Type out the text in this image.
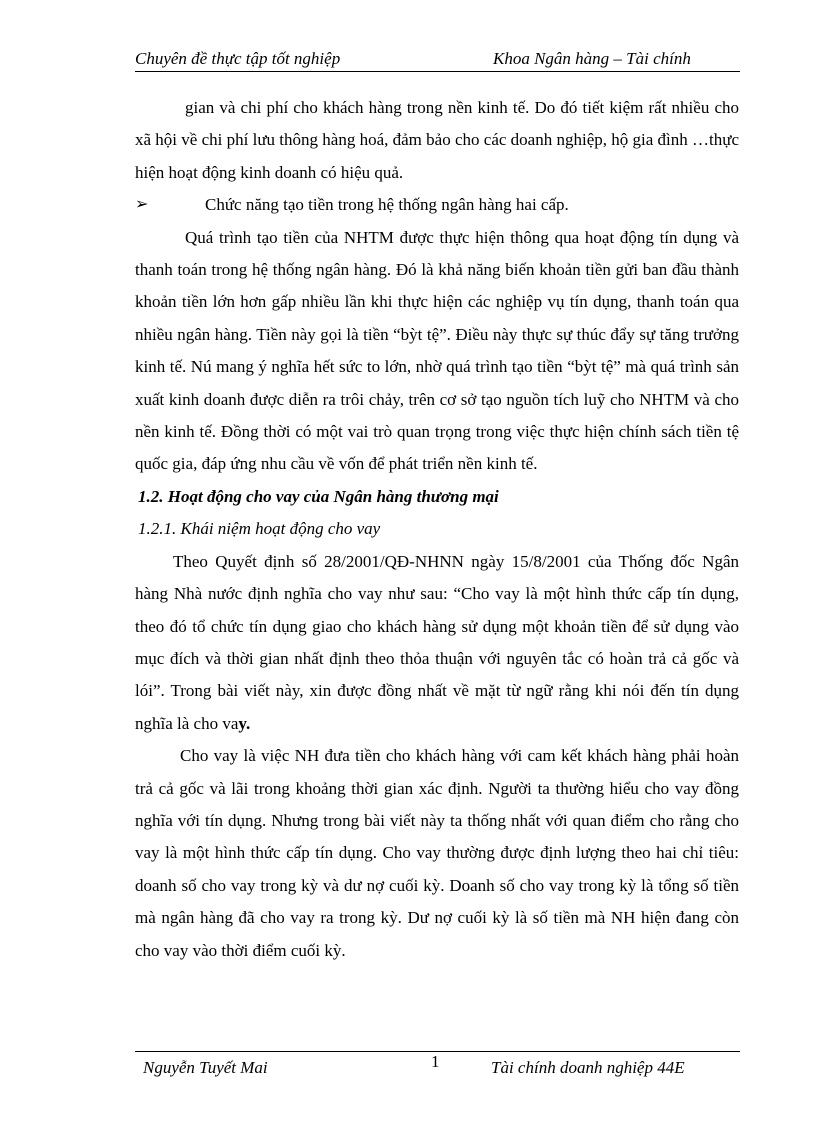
Chuyên đề thực tập tốt nghiệp	Khoa Ngân hàng – Tài chính

gian và chi phí cho khách hàng trong nền kinh tế. Do đó tiết kiệm rất nhiều cho xã hội về chi phí lưu thông hàng hoá, đảm bảo cho các doanh nghiệp, hộ gia đình …thực hiện hoạt động kinh doanh có hiệu quả.

➢	Chức năng tạo tiền trong hệ thống ngân hàng hai cấp.

Quá trình tạo tiền của NHTM được thực hiện thông qua hoạt động tín dụng và thanh toán trong hệ thống ngân hàng. Đó là khả năng biến khoản tiền gửi ban đầu thành khoản tiền lớn hơn gấp nhiều lần khi thực hiện các nghiệp vụ tín dụng, thanh toán qua nhiều ngân hàng. Tiền này gọi là tiền “bỳt tệ”. Điều này thực sự thúc đẩy sự tăng trưởng kinh tế. Nú mang ý nghĩa hết sức to lớn, nhờ quá trình tạo tiền “bỳt tệ” mà quá trình sản xuất kinh doanh được diễn ra trôi chảy, trên cơ sở tạo nguồn tích luỹ cho NHTM và cho nền kinh tế. Đồng thời có một vai trò quan trọng trong việc thực hiện chính sách tiền tệ quốc gia, đáp ứng nhu cầu về vốn để phát triển nền kinh tế.

1.2. Hoạt động cho vay của Ngân hàng thương mại

1.2.1. Khái niệm hoạt động cho vay

Theo Quyết định số 28/2001/QĐ-NHNN ngày 15/8/2001 của Thống đốc Ngân hàng Nhà nước định nghĩa cho vay như sau: “Cho vay là một hình thức cấp tín dụng, theo đó tổ chức tín dụng giao cho khách hàng sử dụng một khoản tiền để sử dụng vào mục đích và thời gian nhất định theo thỏa thuận với nguyên tắc có hoàn trả cả gốc và lói”. Trong bài viết này, xin được đồng nhất về mặt từ ngữ rằng khi nói đến tín dụng nghĩa là cho vay.

Cho vay là việc NH đưa tiền cho khách hàng với cam kết khách hàng phải hoàn trả cả gốc và lãi trong khoảng thời gian xác định. Người ta thường hiểu cho vay đồng nghĩa với tín dụng. Nhưng trong bài viết này ta thống nhất với quan điểm cho rằng cho vay là một hình thức cấp tín dụng. Cho vay thường được định lượng theo hai chỉ tiêu: doanh số cho vay trong kỳ và dư nợ cuối kỳ. Doanh số cho vay trong kỳ là tổng số tiền mà ngân hàng đã cho vay ra trong kỳ. Dư nợ cuối kỳ là số tiền mà NH hiện đang còn cho vay vào thời điểm cuối kỳ.

Nguyễn Tuyết Mai	1	Tài chính doanh nghiệp 44E
